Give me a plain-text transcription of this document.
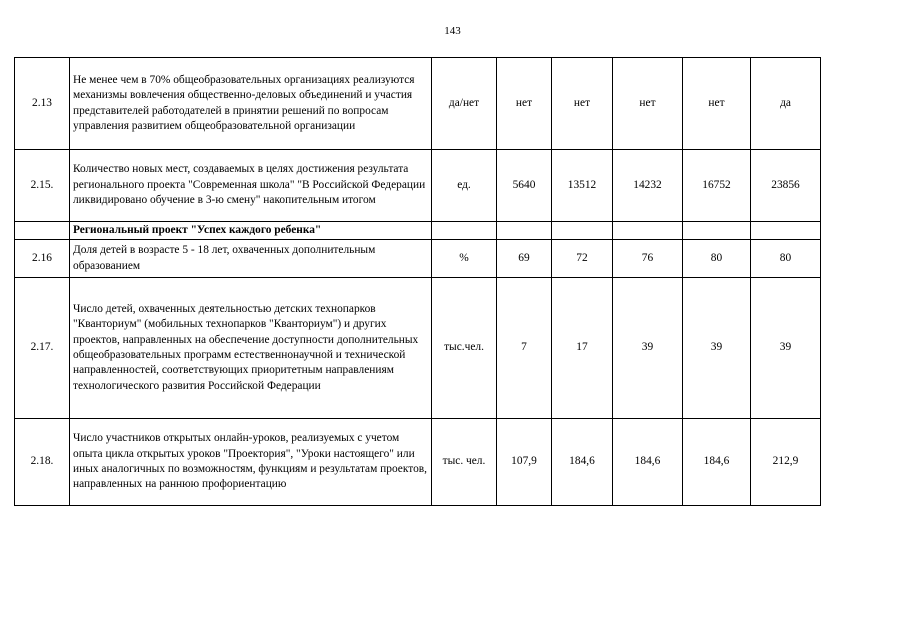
143
2.13	Не менее чем в 70% общеобразовательных организациях реализуются механизмы вовлечения общественно-деловых объединений и участия представителей работодателей в принятии решений по вопросам управления развитием общеобразовательной организации	да/нет	нет	нет	нет	нет	да
2.15.	Количество новых мест, создаваемых в целях достижения результата регионального проекта "Современная школа" "В Российской Федерации ликвидировано обучение в 3-ю смену" накопительным итогом	ед.	5640	13512	14232	16752	23856
	Региональный проект "Успех каждого ребенка"						
2.16	Доля детей в возрасте 5 - 18 лет, охваченных дополнительным образованием	%	69	72	76	80	80
2.17.	Число детей, охваченных деятельностью детских технопарков "Кванториум" (мобильных технопарков "Кванториум") и других проектов, направленных на обеспечение доступности дополнительных общеобразовательных программ естественнонаучной и технической направленностей, соответствующих приоритетным направлениям технологического развития Российской Федерации	тыс.чел.	7	17	39	39	39
2.18.	Число участников открытых онлайн-уроков, реализуемых с учетом опыта цикла открытых уроков "Проектория", "Уроки настоящего" или иных аналогичных по возможностям, функциям и результатам проектов, направленных на раннюю профориентацию	тыс. чел.	107,9	184,6	184,6	184,6	212,9
